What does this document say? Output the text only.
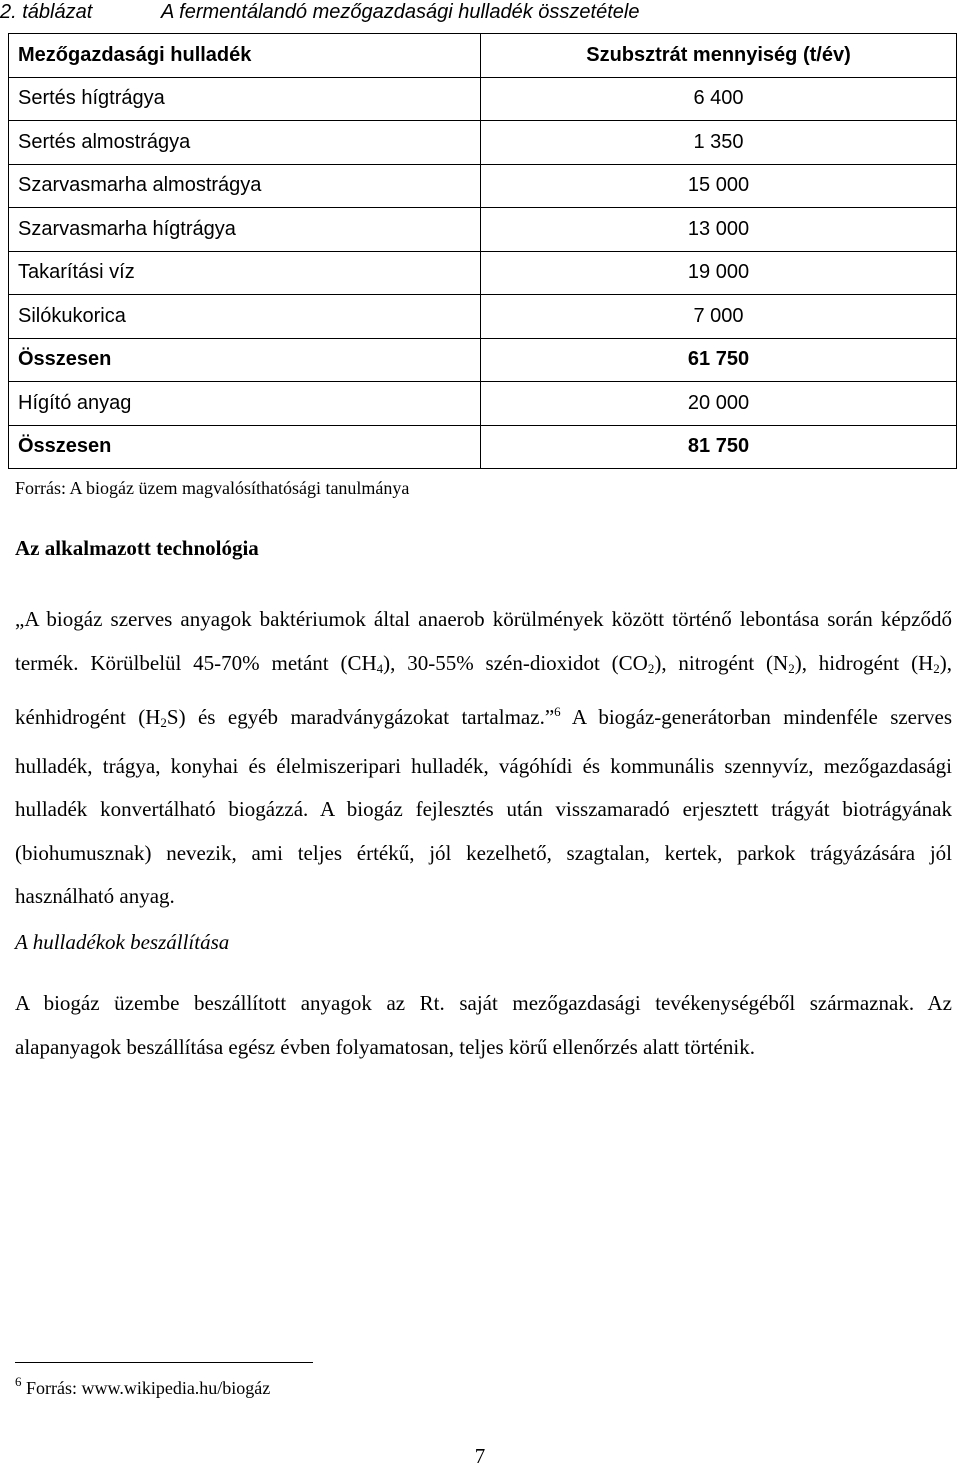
2. táblázat	A fermentálandó mezőgazdasági hulladék összetétele
Mezőgazdasági hulladék	Szubsztrát mennyiség (t/év)
Sertés hígtrágya	6 400
Sertés almostrágya	1 350
Szarvasmarha almostrágya	15 000
Szarvasmarha hígtrágya	13 000
Takarítási víz	19 000
Silókukorica	7 000
Összesen	61 750
Hígító anyag	20 000
Összesen	81 750
Forrás: A biogáz üzem magvalósíthatósági tanulmánya
Az alkalmazott technológia
„A biogáz szerves anyagok baktériumok által anaerob körülmények között történő lebontása során képződő termék. Körülbelül 45-70% metánt $(CH_4)$, 30-55% szén-dioxidot $(CO_2)$, nitrogént $(N_2)$, hidrogént $(H_2)$, kénhidrogént $(H_2S)$ és egyéb maradványgázokat tartalmaz.”$^6$ A biogáz-generátorban mindenféle szerves hulladék, trágya, konyhai és élelmiszeripari hulladék, vágóhídi és kommunális szennyvíz, mezőgazdasági hulladék konvertálható biogázzá. A biogáz fejlesztés után visszamaradó erjesztett trágyát biotrágyának (biohumusznak) nevezik, ami teljes értékű, jól kezelhető, szagtalan, kertek, parkok trágyázására jól használható anyag.
A hulladékok beszállítása
A biogáz üzembe beszállított anyagok az Rt. saját mezőgazdasági tevékenységéből származnak. Az alapanyagok beszállítása egész évben folyamatosan, teljes körű ellenőrzés alatt történik.
$^6$ Forrás: www.wikipedia.hu/biogáz
7
